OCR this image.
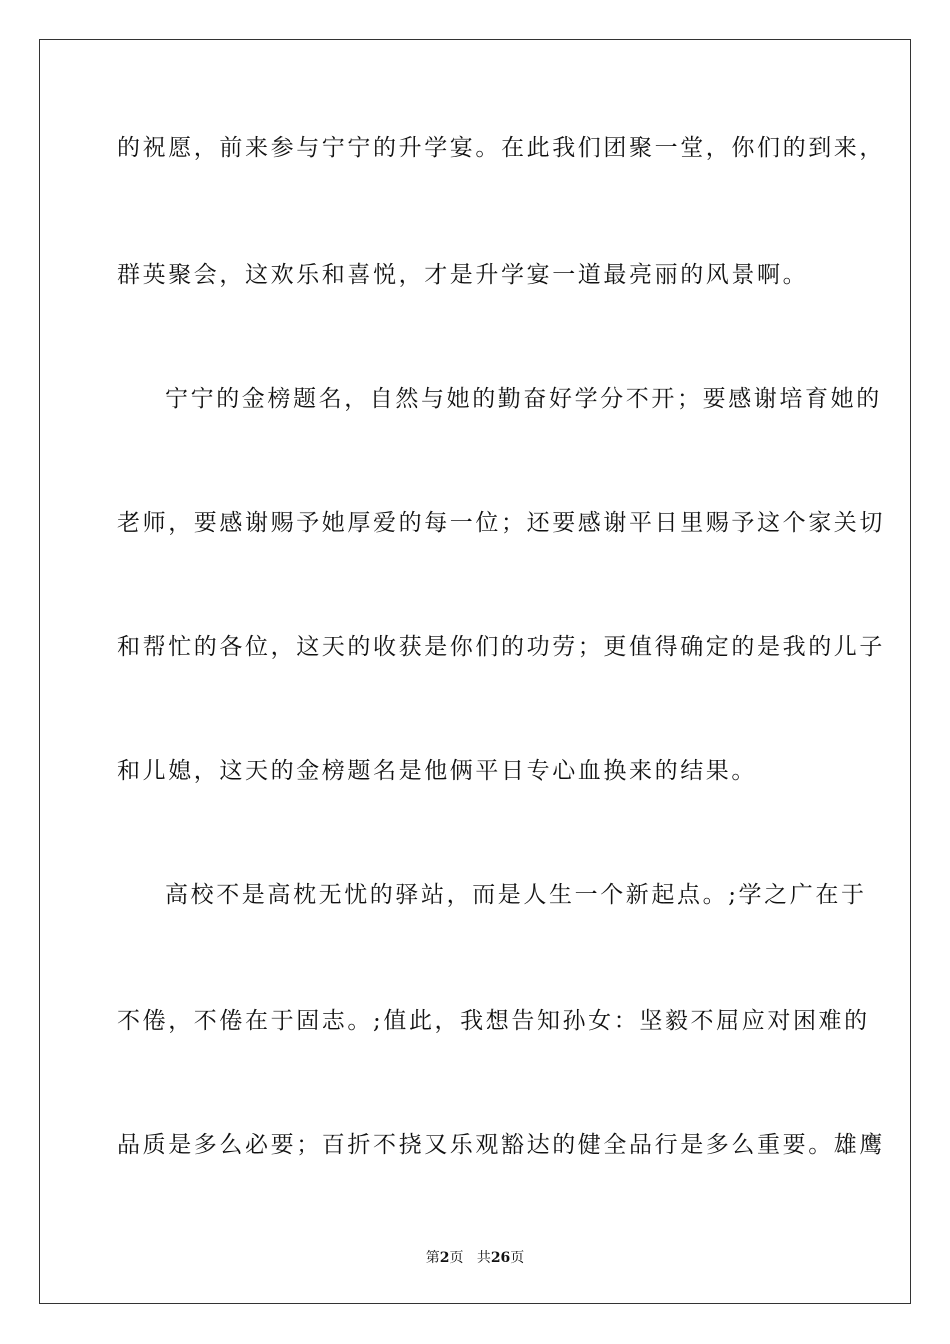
的祝愿，前来参与宁宁的升学宴。在此我们团聚一堂，你们的到来，
群英聚会，这欢乐和喜悦，才是升学宴一道最亮丽的风景啊。
宁宁的金榜题名，自然与她的勤奋好学分不开；要感谢培育她的
老师，要感谢赐予她厚爱的每一位；还要感谢平日里赐予这个家关切
和帮忙的各位，这天的收获是你们的功劳；更值得确定的是我的儿子
和儿媳，这天的金榜题名是他俩平日专心血换来的结果。
高校不是高枕无忧的驿站，而是人生一个新起点。;学之广在于
不倦，不倦在于固志。;值此，我想告知孙女：坚毅不屈应对困难的
品质是多么必要；百折不挠又乐观豁达的健全品行是多么重要。雄鹰
第2页 共26页
